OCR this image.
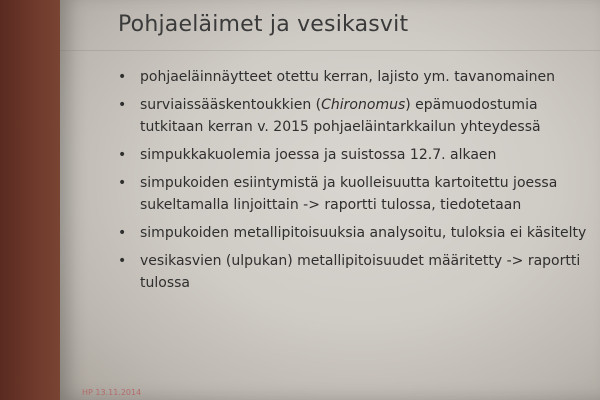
Pohjaeläimet ja vesikasvit
• pohjaeläinnäytteet otettu kerran, lajisto ym. tavanomainen
• surviaissääskentoukkien (Chironomus) epämuodostumia tutkitaan kerran v. 2015 pohjaeläintarkkailun yhteydessä
• simpukkakuolemia joessa ja suistossa 12.7. alkaen
• simpukoiden esiintymistä ja kuolleisuutta kartoitettu joessa sukeltamalla linjoittain -> raportti tulossa, tiedotetaan
• simpukoiden metallipitoisuuksia analysoitu, tuloksia ei käsitelty
• vesikasvien (ulpukan) metallipitoisuudet määritetty -> raportti tulossa
HP 13.11.2014
